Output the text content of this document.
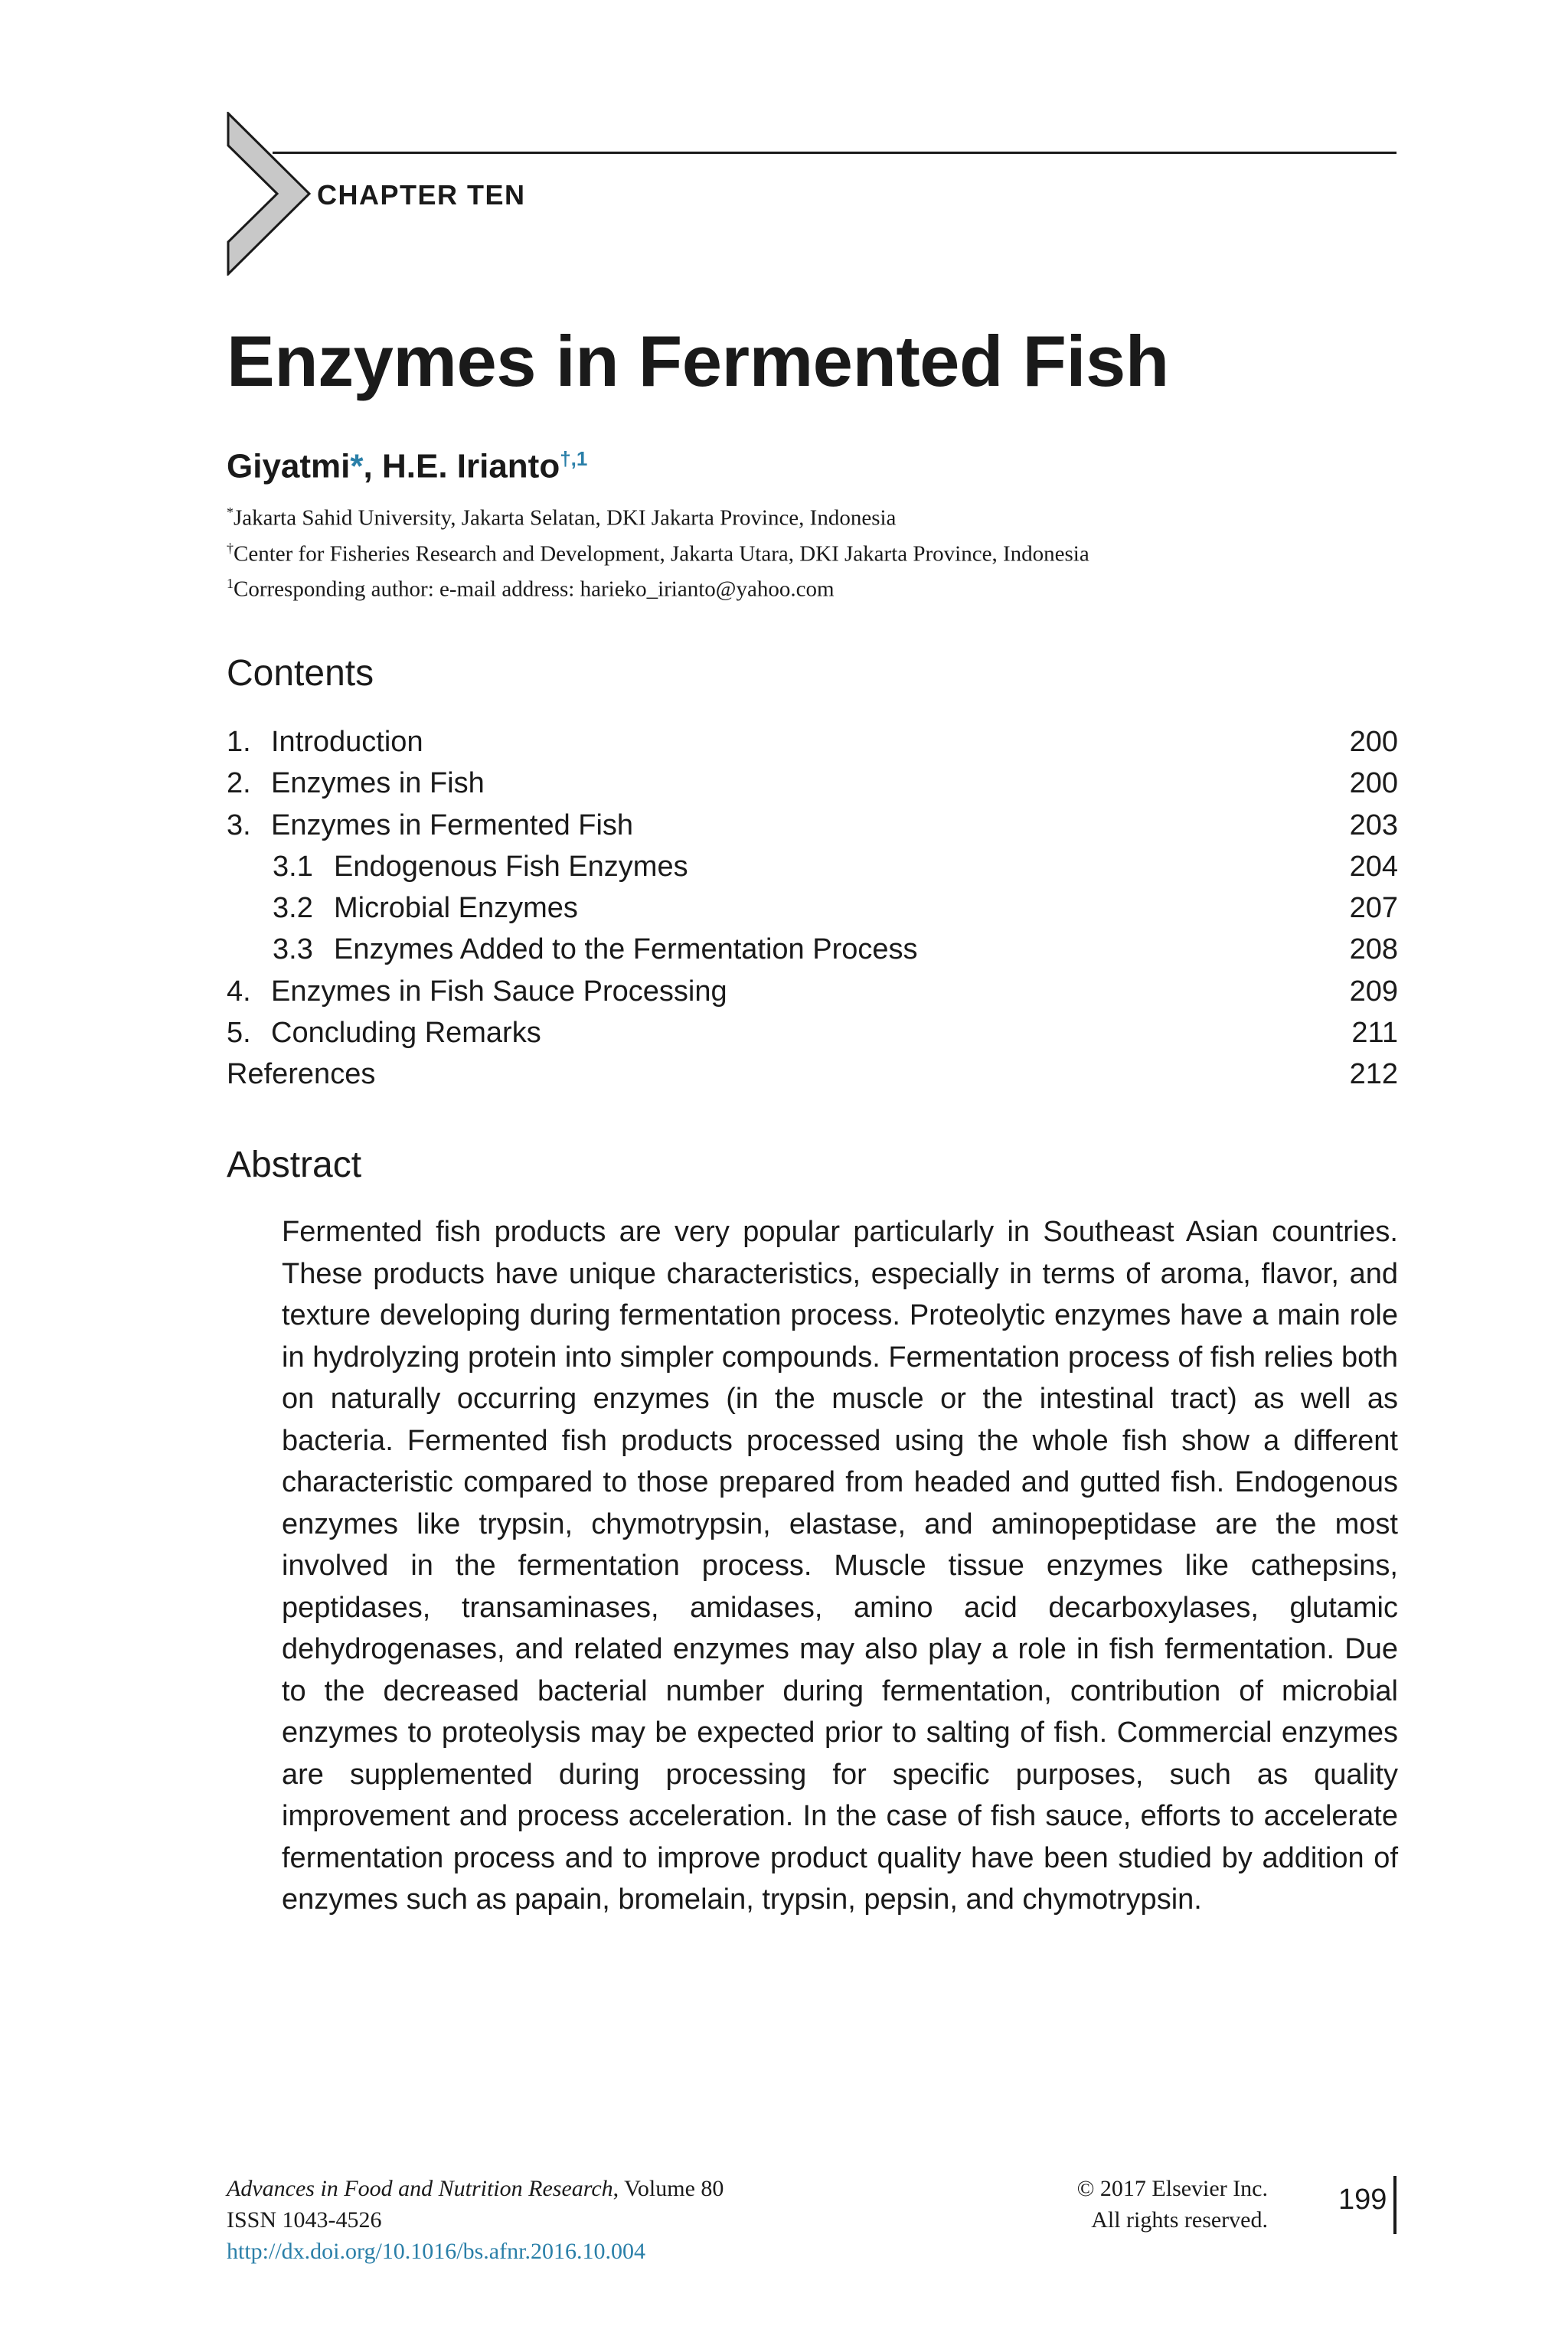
CHAPTER TEN
Enzymes in Fermented Fish
Giyatmi*, H.E. Irianto$^{\dagger,1}$
*Jakarta Sahid University, Jakarta Selatan, DKI Jakarta Province, Indonesia
†Center for Fisheries Research and Development, Jakarta Utara, DKI Jakarta Province, Indonesia
$^1$Corresponding author: e-mail address: harieko_irianto@yahoo.com
Contents
1. Introduction	200
2. Enzymes in Fish	200
3. Enzymes in Fermented Fish	203
3.1 Endogenous Fish Enzymes	204
3.2 Microbial Enzymes	207
3.3 Enzymes Added to the Fermentation Process	208
4. Enzymes in Fish Sauce Processing	209
5. Concluding Remarks	211
References	212
Abstract

Fermented fish products are very popular particularly in Southeast Asian countries. These products have unique characteristics, especially in terms of aroma, flavor, and texture developing during fermentation process. Proteolytic enzymes have a main role in hydrolyzing protein into simpler compounds. Fermentation process of fish relies both on naturally occurring enzymes (in the muscle or the intestinal tract) as well as bacteria. Fermented fish products processed using the whole fish show a different characteristic compared to those prepared from headed and gutted fish. Endogenous enzymes like trypsin, chymotrypsin, elastase, and aminopeptidase are the most involved in the fermentation process. Muscle tissue enzymes like cathepsins, peptidases, transaminases, amidases, amino acid decarboxylases, glutamic dehydrogenases, and related enzymes may also play a role in fish fermentation. Due to the decreased bacterial number during fermentation, contribution of microbial enzymes to proteolysis may be expected prior to salting of fish. Commercial enzymes are supplemented during processing for specific purposes, such as quality improvement and process acceleration. In the case of fish sauce, efforts to accelerate fermentation process and to improve product quality have been studied by addition of enzymes such as papain, bromelain, trypsin, pepsin, and chymotrypsin.

Advances in Food and Nutrition Research, Volume 80
ISSN 1043-4526
http://dx.doi.org/10.1016/bs.afnr.2016.10.004
© 2017 Elsevier Inc.
All rights reserved.
199
